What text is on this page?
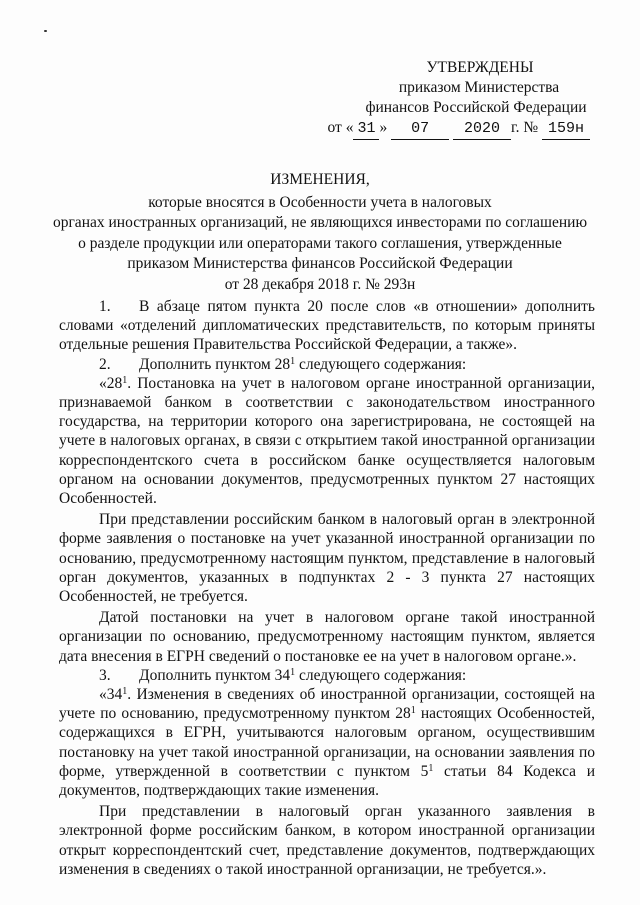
УТВЕРЖДЕНЫ
приказом Министерства
финансов Российской Федерации
от « 31 »
	07
	2020 г. №
159н
ИЗМЕНЕНИЯ,
которые вносятся в Особенности учета в налоговых
органах иностранных организаций, не являющихся инвесторами по соглашению
о разделе продукции или операторами такого соглашения, утвержденные
приказом Министерства финансов Российской Федерации
от 28 декабря 2018 г. № 293н

1. В абзаце пятом пункта 20 после слов «в отношении» дополнить словами «отделений дипломатических представительств, по которым приняты отдельные решения Правительства Российской Федерации, а также».

2. Дополнить пунктом $28^1$ следующего содержания:

«$28^1$. Постановка на учет в налоговом органе иностранной организации, признаваемой банком в соответствии с законодательством иностранного государства, на территории которого она зарегистрирована, не состоящей на учете в налоговых органах, в связи с открытием такой иностранной организации корреспондентского счета в российском банке осуществляется налоговым органом на основании документов, предусмотренных пунктом 27 настоящих Особенностей.

При представлении российским банком в налоговый орган в электронной форме заявления о постановке на учет указанной иностранной организации по основанию, предусмотренному настоящим пунктом, представление в налоговый орган документов, указанных в подпунктах 2 - 3 пункта 27 настоящих Особенностей, не требуется.

Датой постановки на учет в налоговом органе такой иностранной организации по основанию, предусмотренному настоящим пунктом, является дата внесения в ЕГРН сведений о постановке ее на учет в налоговом органе.».

3. Дополнить пунктом $34^1$ следующего содержания:

«$34^1$. Изменения в сведениях об иностранной организации, состоящей на учете по основанию, предусмотренному пунктом $28^1$ настоящих Особенностей, содержащихся в ЕГРН, учитываются налоговым органом, осуществившим постановку на учет такой иностранной организации, на основании заявления по форме, утвержденной в соответствии с пунктом $5^1$ статьи 84 Кодекса и документов, подтверждающих такие изменения.

При представлении в налоговый орган указанного заявления в электронной форме российским банком, в котором иностранной организации открыт корреспондентский счет, представление документов, подтверждающих изменения в сведениях о такой иностранной организации, не требуется.».
